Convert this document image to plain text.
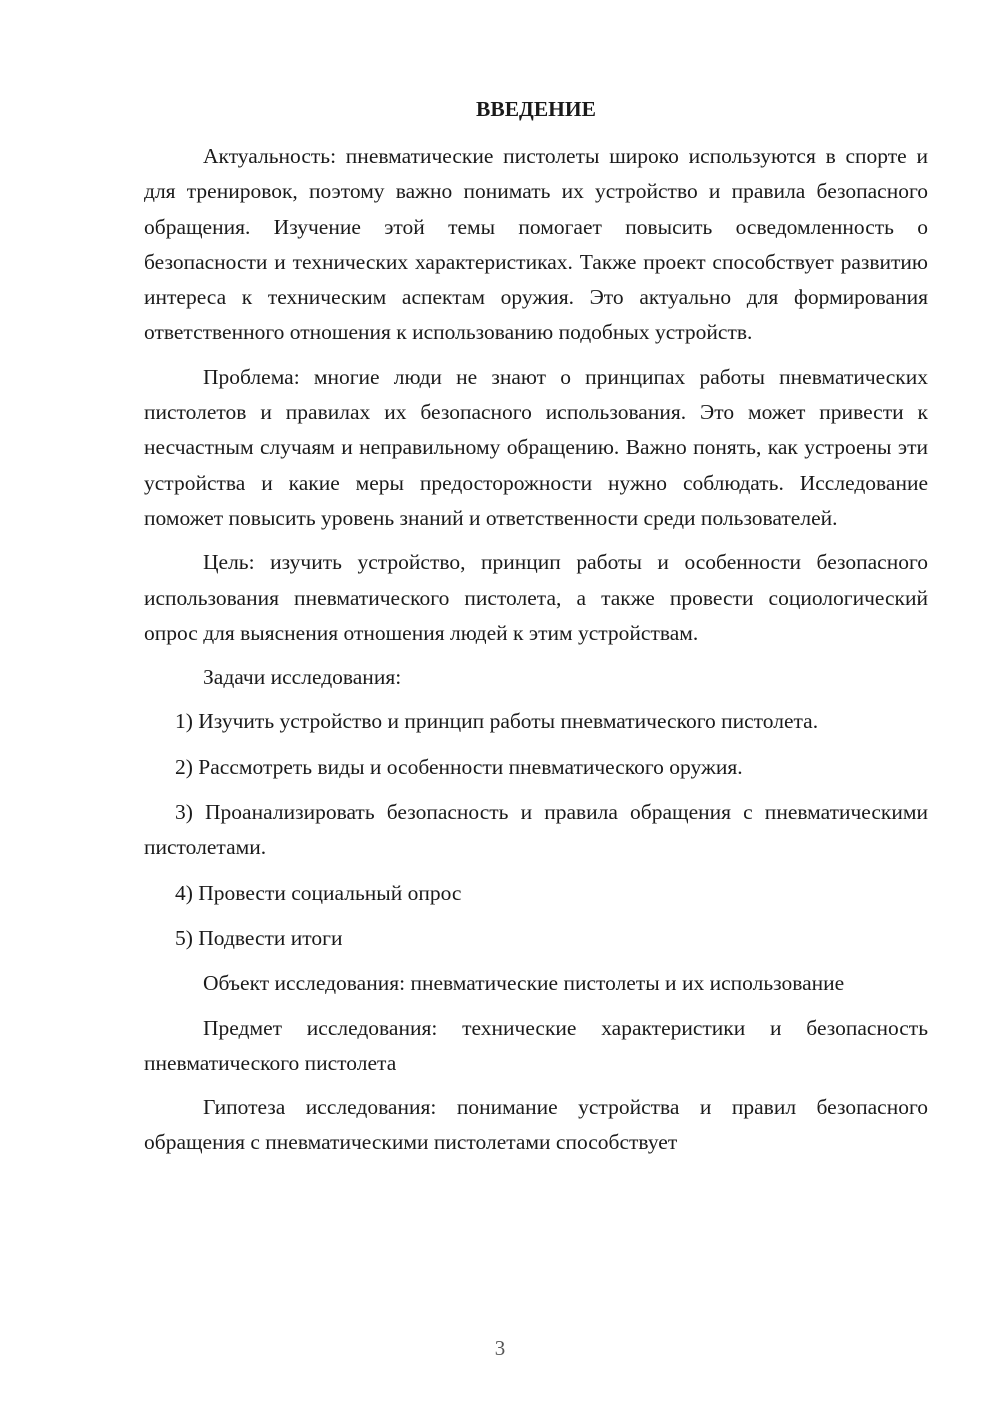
ВВЕДЕНИЕ

Актуальность: пневматические пистолеты широко используются в спорте и для тренировок, поэтому важно понимать их устройство и правила безопасного обращения. Изучение этой темы помогает повысить осведомленность о безопасности и технических характеристиках. Также проект способствует развитию интереса к техническим аспектам оружия. Это актуально для формирования ответственного отношения к использованию подобных устройств.

Проблема: многие люди не знают о принципах работы пневматических пистолетов и правилах их безопасного использования. Это может привести к несчастным случаям и неправильному обращению. Важно понять, как устроены эти устройства и какие меры предосторожности нужно соблюдать. Исследование поможет повысить уровень знаний и ответственности среди пользователей.

Цель: изучить устройство, принцип работы и особенности безопасного использования пневматического пистолета, а также провести социологический опрос для выяснения отношения людей к этим устройствам.

Задачи исследования:

1) Изучить устройство и принцип работы пневматического пистолета.

2) Рассмотреть виды и особенности пневматического оружия.

3) Проанализировать безопасность и правила обращения с пневматическими пистолетами.

4) Провести социальный опрос

5) Подвести итоги

Объект исследования: пневматические пистолеты и их использование

Предмет исследования: технические характеристики и безопасность пневматического пистолета

Гипотеза исследования: понимание устройства и правил безопасного обращения с пневматическими пистолетами способствует

3
